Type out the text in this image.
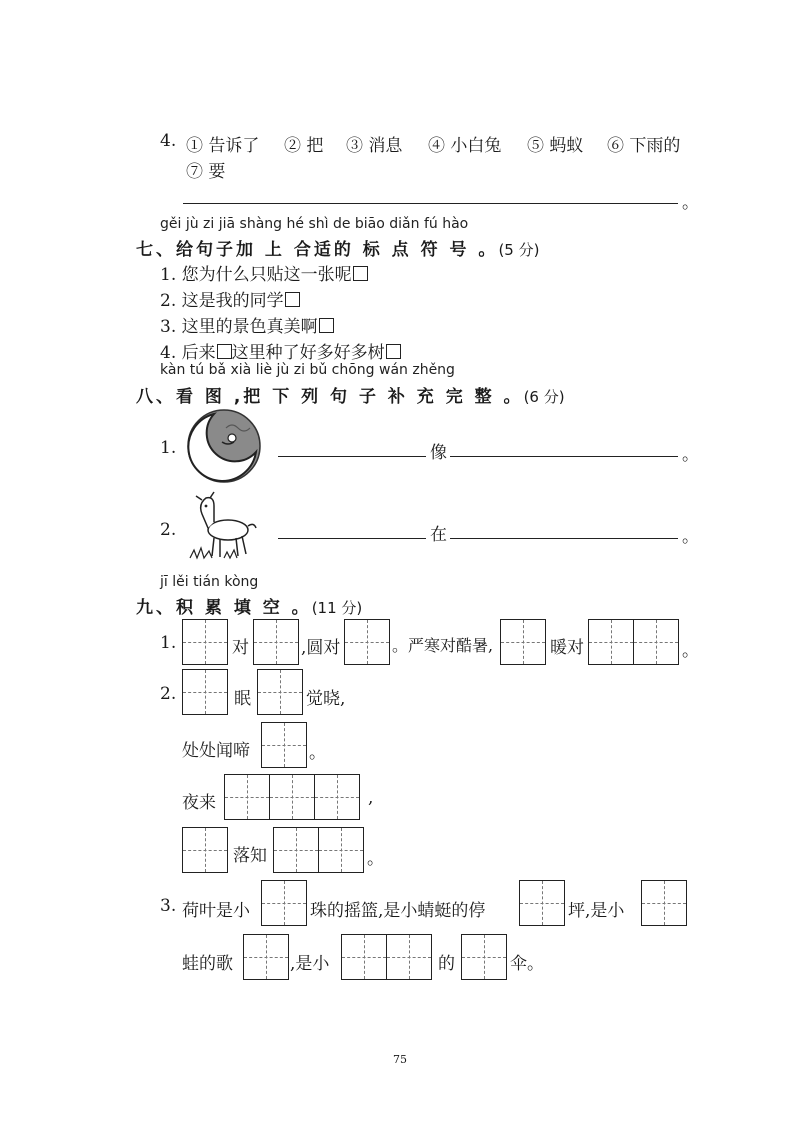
4. ① 告诉了 ② 把 ③ 消息 ④ 小白兔 ⑤ 蚂蚁 ⑥ 下雨的
⑦ 要
。
gěi jù zi jiā shàng hé shì de biāo diǎn fú hào
七、给句子加 上 合适的 标 点 符 号 。(5 分)
1. 您为什么只贴这一张呢
2. 这是我的同学
3. 这里的景色真美啊
4. 后来 这里种了好多好多树
kàn tú bǎ xià liè jù zi bǔ chōng wán zhěng
八、看 图 ,把 下 列 句 子 补 充 完 整 。(6 分)
1.	像	。
2.	在	。
jī lěi tián kòng
九、积 累 填 空 。(11 分)
1.	对	,圆对	。严寒对酷暑,	暖对	。
2.	眠	觉晓,
处处闻啼	。
夜来	,
落知	。
3. 荷叶是小	珠的摇篮,是小蜻蜓的停	坪,是小
蛙的歌	,是小	的	伞。
75
